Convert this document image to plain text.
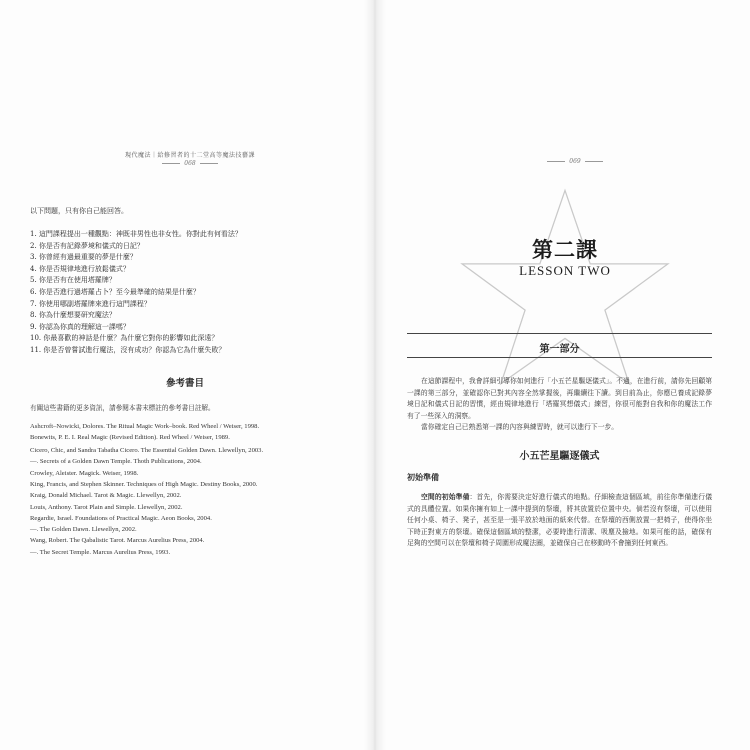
現代魔法｜給修習者的十二堂高等魔法技藝課
068
以下問題，只有你自己能回答。
1. 這門課程提出一種觀點：神既非男性也非女性。你對此有何看法？
2. 你是否有記錄夢境和儀式的日記？
3. 你曾經有過最重要的夢是什麼？
4. 你是否規律地進行放鬆儀式？
5. 你是否有在使用塔羅牌？
6. 你是否進行過塔羅占卜？至今最準確的結果是什麼？
7. 你使用哪副塔羅牌來進行這門課程？
8. 你為什麼想要研究魔法？
9. 你認為你真的理解這一課嗎？
10. 你最喜歡的神話是什麼？為什麼它對你的影響如此深遠？
11. 你是否曾嘗試進行魔法，沒有成功？你認為它為什麼失敗？
參考書目
有關這些書籍的更多資訊，請參閱本書末標註的參考書目註解。
Ashcroft–Nowicki, Dolores. The Ritual Magic Work–book. Red Wheel / Weiser, 1998.
Bonewits, P. E. I. Real Magic (Revised Edition). Red Wheel / Weiser, 1989.
Cicero, Chic, and Sandra Tabatha Cicero. The Essential Golden Dawn. Llewellyn, 2003.
—. Secrets of a Golden Dawn Temple. Thoth Publications, 2004.
Crowley, Aleister. Magick. Weiser, 1998.
King, Francis, and Stephen Skinner. Techniques of High Magic. Destiny Books, 2000.
Kraig, Donald Michael. Tarot & Magic. Llewellyn, 2002.
Louis, Anthony. Tarot Plain and Simple. Llewellyn, 2002.
Regardie, Israel. Foundations of Practical Magic. Aeon Books, 2004.
—. The Golden Dawn. Llewellyn, 2002.
Wang, Robert. The Qabalistic Tarot. Marcus Aurelius Press, 2004.
—. The Secret Temple. Marcus Aurelius Press, 1993.
069
第二課
LESSON TWO
第一部分

在這節課程中，我會詳細引導你如何進行「小五芒星驅逐儀式」。不過，在進行前，請你先回顧第一課的第三部分，並確認你已對其內容全然掌握後，再繼續往下讀。到目前為止，你應已養成記錄夢境日記和儀式日記的習慣，經由規律地進行「塔羅冥想儀式」練習，你很可能對自我和你的魔法工作有了一些深入的洞察。

當你確定自己已熟悉第一課的內容與練習時，就可以進行下一步。

小五芒星驅逐儀式
初始準備

空間的初始準備：首先，你需要決定好進行儀式的地點。仔細檢查這個區域，前往你準備進行儀式的具體位置。如果你擁有如上一課中提到的祭壇，將其放置於位置中央。倘若沒有祭壇，可以使用任何小桌、椅子、凳子，甚至是一張平放於地面的紙來代替。在祭壇的西側放置一把椅子，使得你坐下時正對東方的祭壇。確保這個區域的整潔，必要時進行清潔、吸塵及撿地。如果可能的話，確保有足夠的空間可以在祭壇和椅子周圍形成魔法圈，並確保自己在移動時不會撞到任何東西。
